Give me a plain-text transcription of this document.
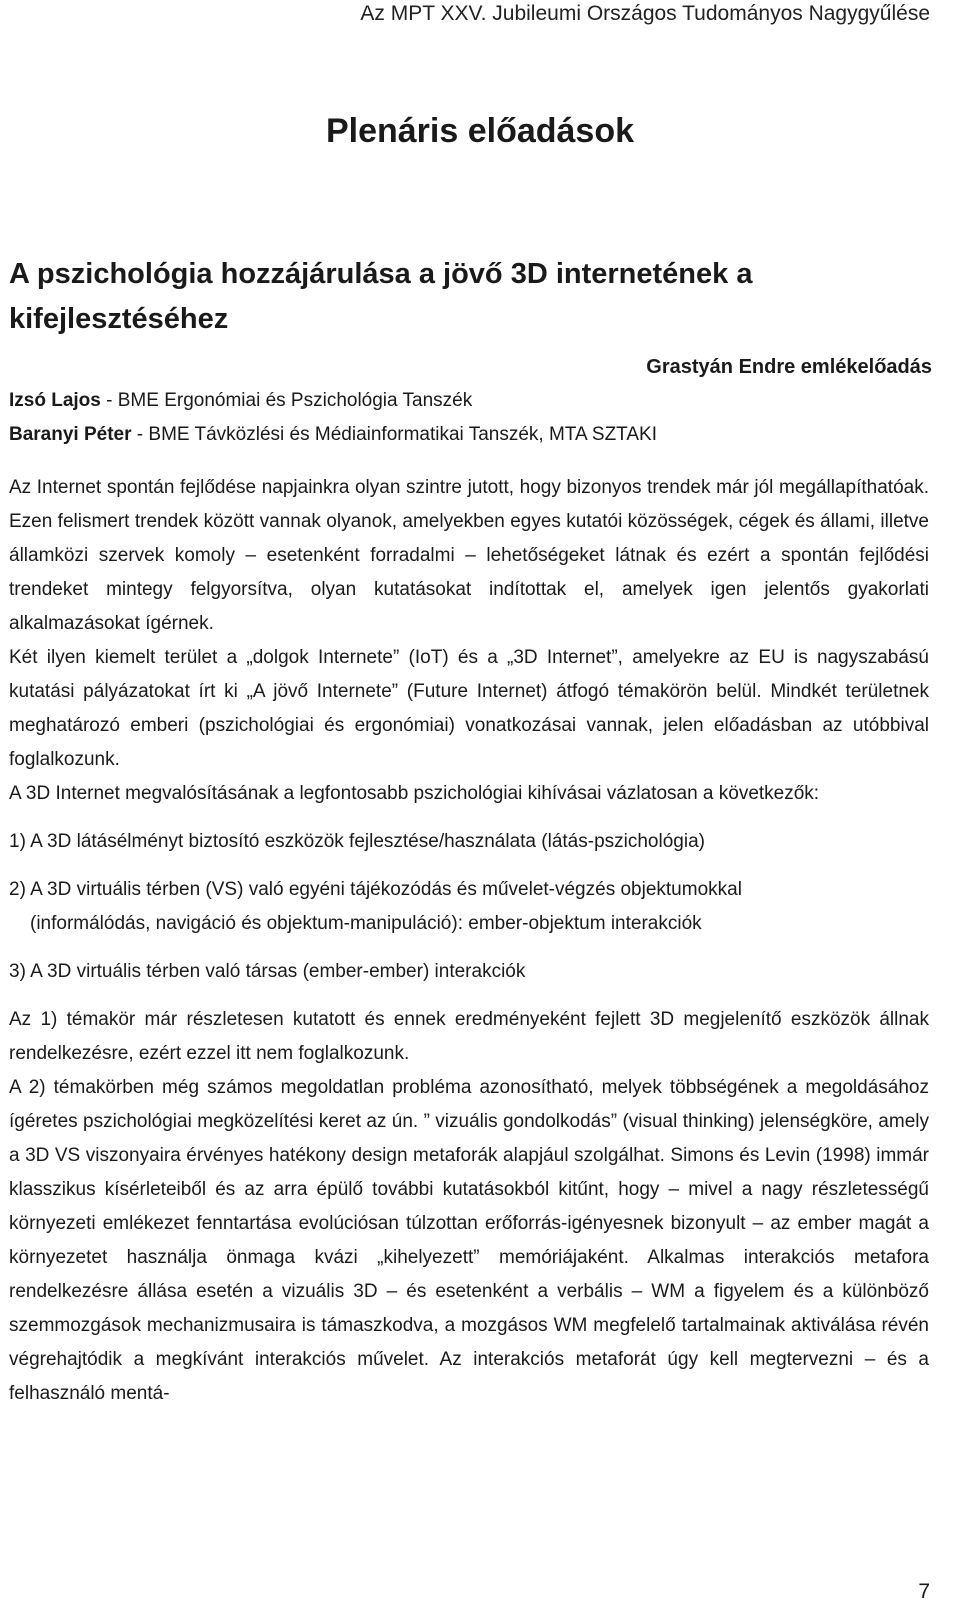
Az MPT XXV. Jubileumi Országos Tudományos Nagygyűlése
Plenáris előadások
A pszichológia hozzájárulása a jövő 3D internetének a kifejlesztéséhez
Grastyán Endre emlékelőadás
Izsó Lajos - BME Ergonómiai és Pszichológia Tanszék
Baranyi Péter - BME Távközlési és Médiainformatikai Tanszék, MTA SZTAKI

Az Internet spontán fejlődése napjainkra olyan szintre jutott, hogy bizonyos trendek már jól megállapíthatóak. Ezen felismert trendek között vannak olyanok, amelyekben egyes kutatói közösségek, cégek és állami, illetve államközi szervek komoly – esetenként forradalmi – lehetőségeket látnak és ezért a spontán fejlődési trendeket mintegy felgyorsítva, olyan kutatásokat indítottak el, amelyek igen jelentős gyakorlati alkalmazásokat ígérnek.

Két ilyen kiemelt terület a „dolgok Internete” (IoT) és a „3D Internet”, amelyekre az EU is nagyszabású kutatási pályázatokat írt ki „A jövő Internete” (Future Internet) átfogó témakörön belül. Mindkét területnek meghatározó emberi (pszichológiai és ergonómiai) vonatkozásai vannak, jelen előadásban az utóbbival foglalkozunk.

A 3D Internet megvalósításának a legfontosabb pszichológiai kihívásai vázlatosan a következők:

1) A 3D látásélményt biztosító eszközök fejlesztése/használata (látás-pszichológia)

2) A 3D virtuális térben (VS) való egyéni tájékozódás és művelet-végzés objektumokkal
(informálódás, navigáció és objektum-manipuláció): ember-objektum interakciók

3) A 3D virtuális térben való társas (ember-ember) interakciók

Az 1) témakör már részletesen kutatott és ennek eredményeként fejlett 3D megjelenítő eszközök állnak rendelkezésre, ezért ezzel itt nem foglalkozunk.

A 2) témakörben még számos megoldatlan probléma azonosítható, melyek többségének a megoldásához ígéretes pszichológiai megközelítési keret az ún. ” vizuális gondolkodás” (visual thinking) jelenségköre, amely a 3D VS viszonyaira érvényes hatékony design metaforák alapjául szolgálhat. Simons és Levin (1998) immár klasszikus kísérleteiből és az arra épülő további kutatásokból kitűnt, hogy – mivel a nagy részletességű környezeti emlékezet fenntartása evolúciósan túlzottan erőforrás-igényesnek bizonyult – az ember magát a környezetet használja önmaga kvázi „kihelyezett” memóriájaként. Alkalmas interakciós metafora rendelkezésre állása esetén a vizuális 3D – és esetenként a verbális – WM a figyelem és a különböző szemmozgások mechanizmusaira is támaszkodva, a mozgásos WM megfelelő tartalmainak aktiválása révén végrehajtódik a megkívánt interakciós művelet. Az interakciós metaforát úgy kell megtervezni – és a felhasználó mentá-

7
